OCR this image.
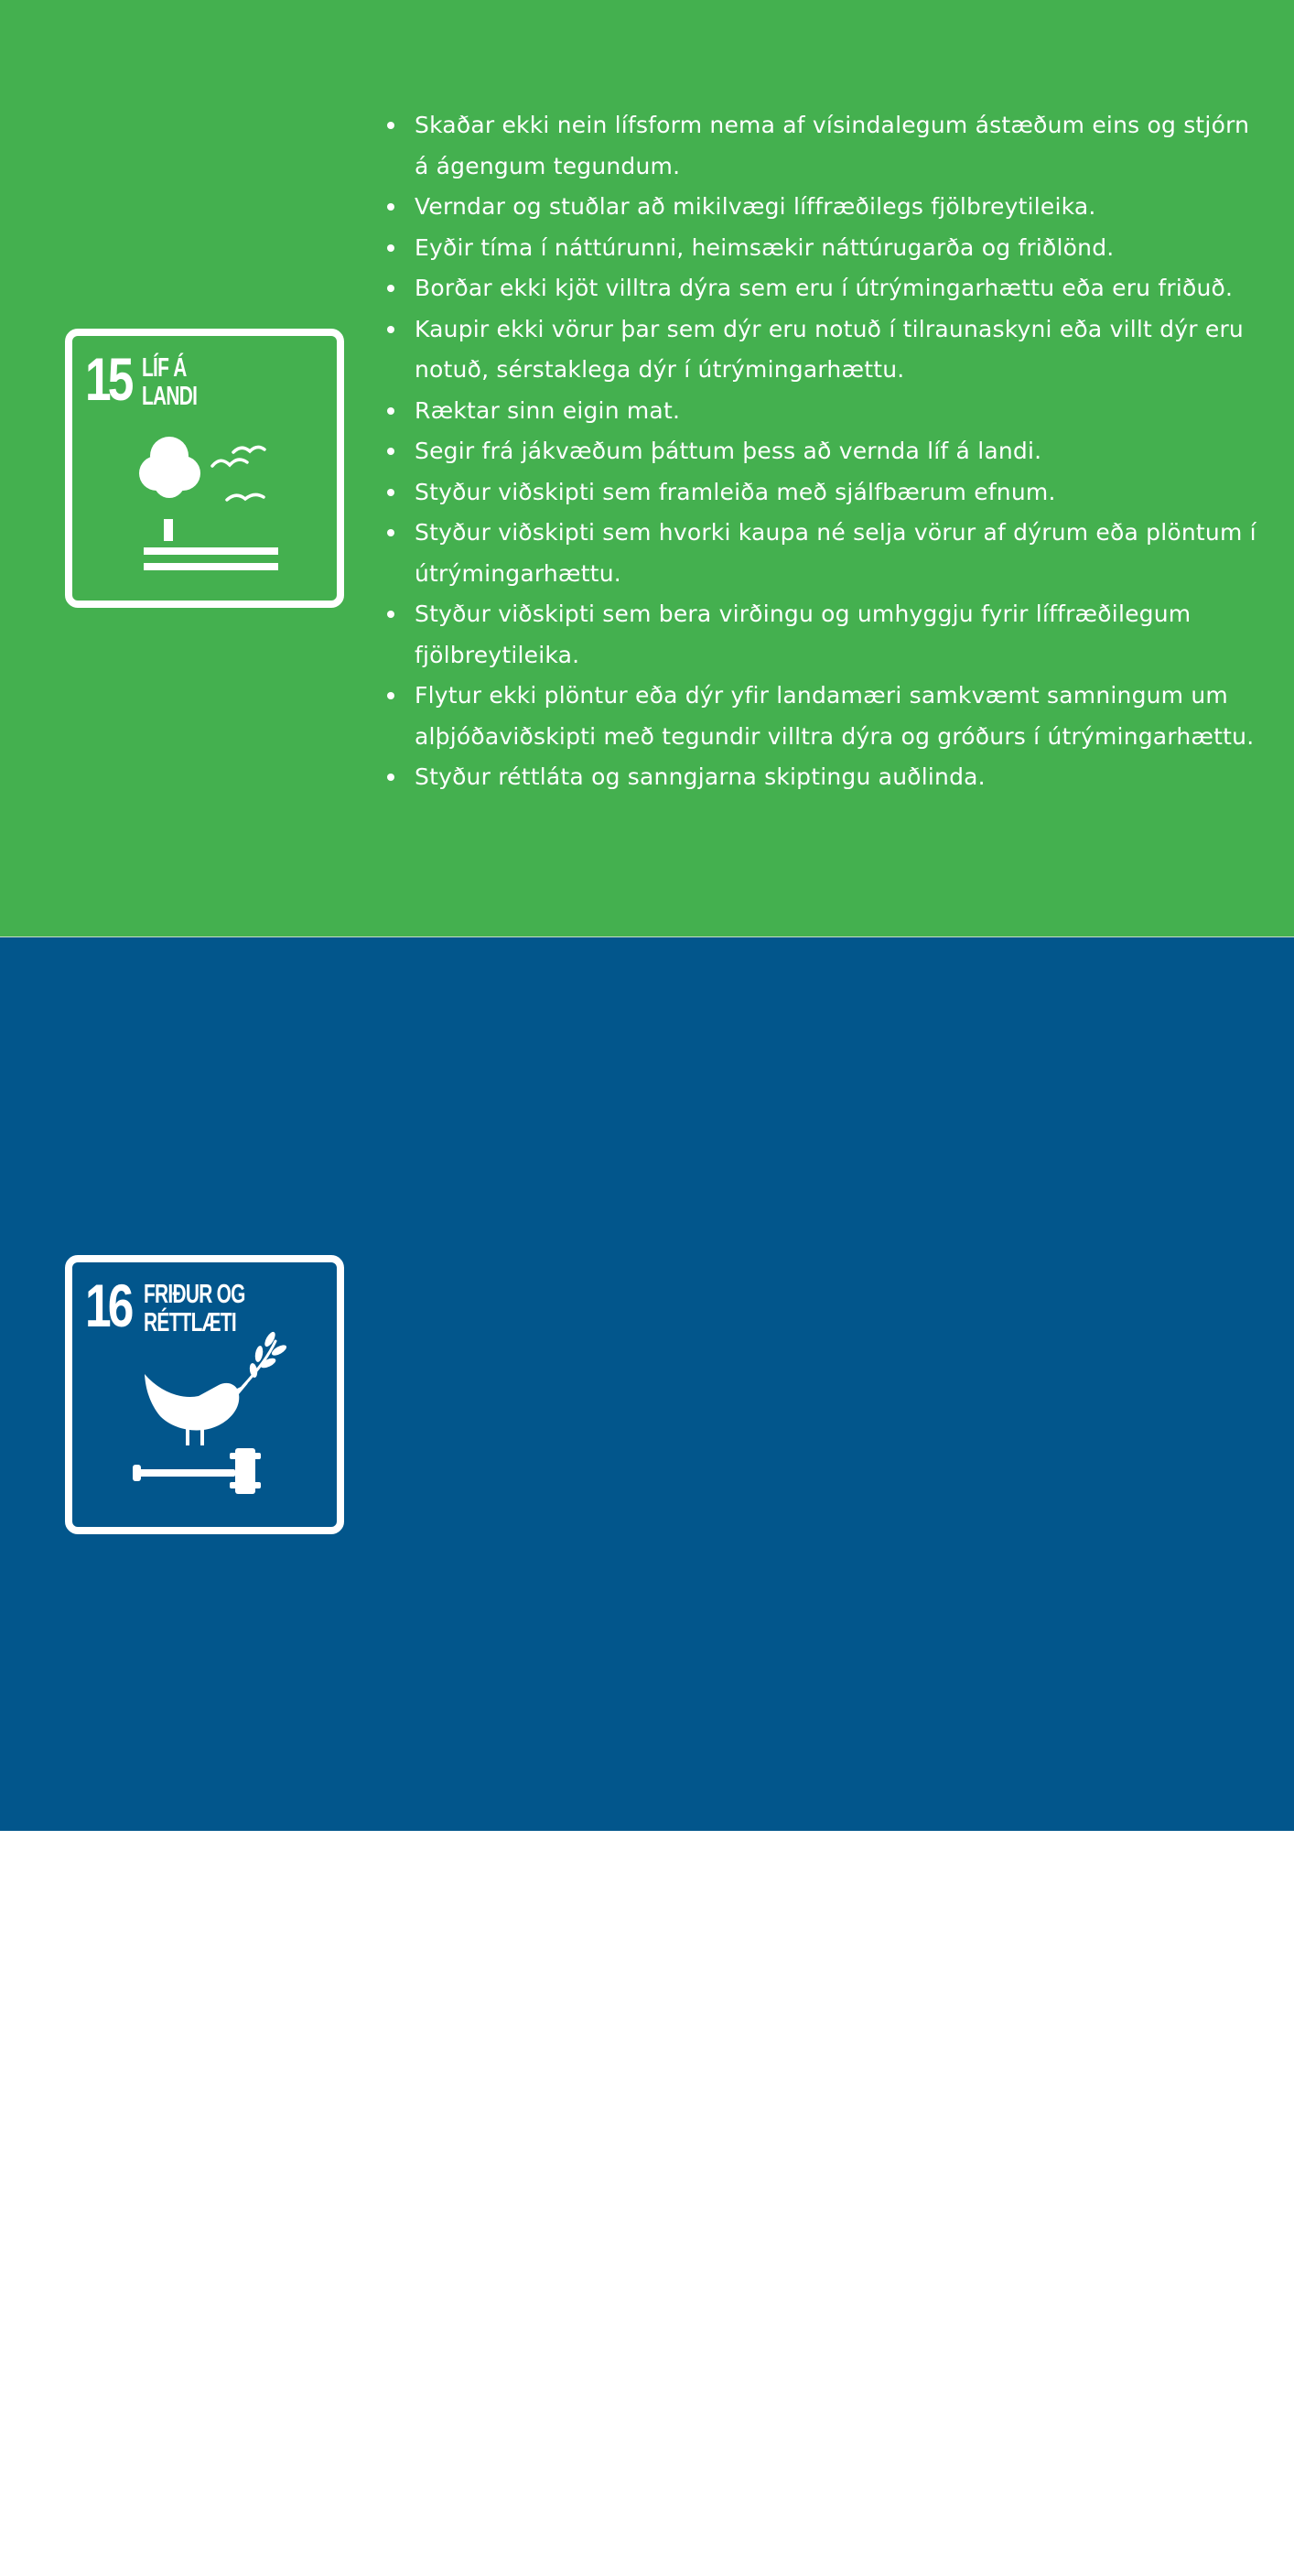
15 LÍF Á
LANDI
Skaðar ekki nein lífsform nema af vísindalegum ástæðum eins og stjórn á ágengum tegundum.
Verndar og stuðlar að mikilvægi líffræðilegs fjölbreytileika.
Eyðir tíma í náttúrunni, heimsækir náttúrugarða og friðlönd.
Borðar ekki kjöt villtra dýra sem eru í útrýmingarhættu eða eru friðuð.
Kaupir ekki vörur þar sem dýr eru notuð í tilraunaskyni eða villt dýr eru notuð, sérstaklega dýr í útrýmingarhættu.
Ræktar sinn eigin mat.
Segir frá jákvæðum þáttum þess að vernda líf á landi.
Styður viðskipti sem framleiða með sjálfbærum efnum.
Styður viðskipti sem hvorki kaupa né selja vörur af dýrum eða plöntum í útrýmingarhættu.
Styður viðskipti sem bera virðingu og umhyggju fyrir líffræðilegum fjölbreytileika.
Flytur ekki plöntur eða dýr yfir landamæri samkvæmt samningum um alþjóðaviðskipti með tegundir villtra dýra og gróðurs í útrýmingarhættu.
Styður réttláta og sanngjarna skiptingu auðlinda.
16 FRIÐUR OG
RÉTTLÆTI
Notar samræður í stað þess að rífast.
Hlustar fyrst og talar svo.
Andmælir mismunun og ofbeldi.
Fagnar Degi mannréttinda.
Æfir hugleiðslu og leitar úrlausna.
Reynir að skilja og stuðla að staðbundnum og alþjóðlegum samræðum/samtali.
Rannsakar, skýrir frá og stuðlar að samfélögum byggðum á friði og jafnræði.
Sýnir öllum lífverum/lífsformum virðingu og næmni.
Styður viðskipti sem eru í samræmi við lög og reglugerðir.
Tekur afstöðu gegn mútum og spillingu.
Skilur muninn á löndum og menningu.
